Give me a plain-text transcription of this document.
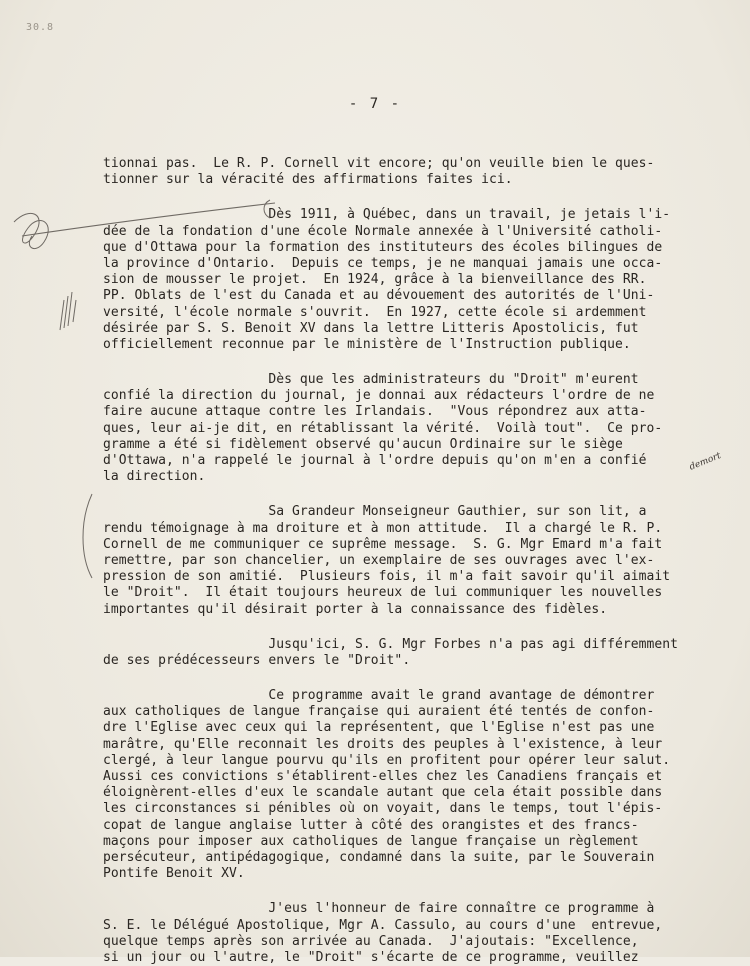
30.8
- 7 -
tionnai pas.  Le R. P. Cornell vit encore; qu'on veuille bien le ques-
tionner sur la véracité des affirmations faites ici.
Dès 1911, à Québec, dans un travail, je jetais l'i-
dée de la fondation d'une école Normale annexée à l'Université catholi-
que d'Ottawa pour la formation des instituteurs des écoles bilingues de
la province d'Ontario.  Depuis ce temps, je ne manquai jamais une occa-
sion de mousser le projet.  En 1924, grâce à la bienveillance des RR.
PP. Oblats de l'est du Canada et au dévouement des autorités de l'Uni-
versité, l'école normale s'ouvrit.  En 1927, cette école si ardemment
désirée par S. S. Benoit XV dans la lettre Litteris Apostolicis, fut
officiellement reconnue par le ministère de l'Instruction publique.
Dès que les administrateurs du "Droit" m'eurent
confié la direction du journal, je donnai aux rédacteurs l'ordre de ne
faire aucune attaque contre les Irlandais.  "Vous répondrez aux atta-
ques, leur ai-je dit, en rétablissant la vérité.  Voilà tout".  Ce pro-
gramme a été si fidèlement observé qu'aucun Ordinaire sur le siège
d'Ottawa, n'a rappelé le journal à l'ordre depuis qu'on m'en a confié
la direction.
Sa Grandeur Monseigneur Gauthier, sur son lit, a
rendu témoignage à ma droiture et à mon attitude.  Il a chargé le R. P.
Cornell de me communiquer ce suprême message.  S. G. Mgr Emard m'a fait
remettre, par son chancelier, un exemplaire de ses ouvrages avec l'ex-
pression de son amitié.  Plusieurs fois, il m'a fait savoir qu'il aimait
le "Droit".  Il était toujours heureux de lui communiquer les nouvelles
importantes qu'il désirait porter à la connaissance des fidèles.
Jusqu'ici, S. G. Mgr Forbes n'a pas agi différemment
de ses prédécesseurs envers le "Droit".
Ce programme avait le grand avantage de démontrer
aux catholiques de langue française qui auraient été tentés de confon-
dre l'Eglise avec ceux qui la représentent, que l'Eglise n'est pas une
marâtre, qu'Elle reconnait les droits des peuples à l'existence, à leur
clergé, à leur langue pourvu qu'ils en profitent pour opérer leur salut.
Aussi ces convictions s'établirent-elles chez les Canadiens français et
éloignèrent-elles d'eux le scandale autant que cela était possible dans
les circonstances si pénibles où on voyait, dans le temps, tout l'épis-
copat de langue anglaise lutter à côté des orangistes et des francs-
maçons pour imposer aux catholiques de langue française un règlement
persécuteur, antipédagogique, condamné dans la suite, par le Souverain
Pontife Benoit XV.
J'eus l'honneur de faire connaître ce programme à
S. E. le Délégué Apostolique, Mgr A. Cassulo, au cours d'une  entrevue,
quelque temps après son arrivée au Canada.  J'ajoutais: "Excellence,
si un jour ou l'autre, le "Droit" s'écarte de ce programme, veuillez
demort
